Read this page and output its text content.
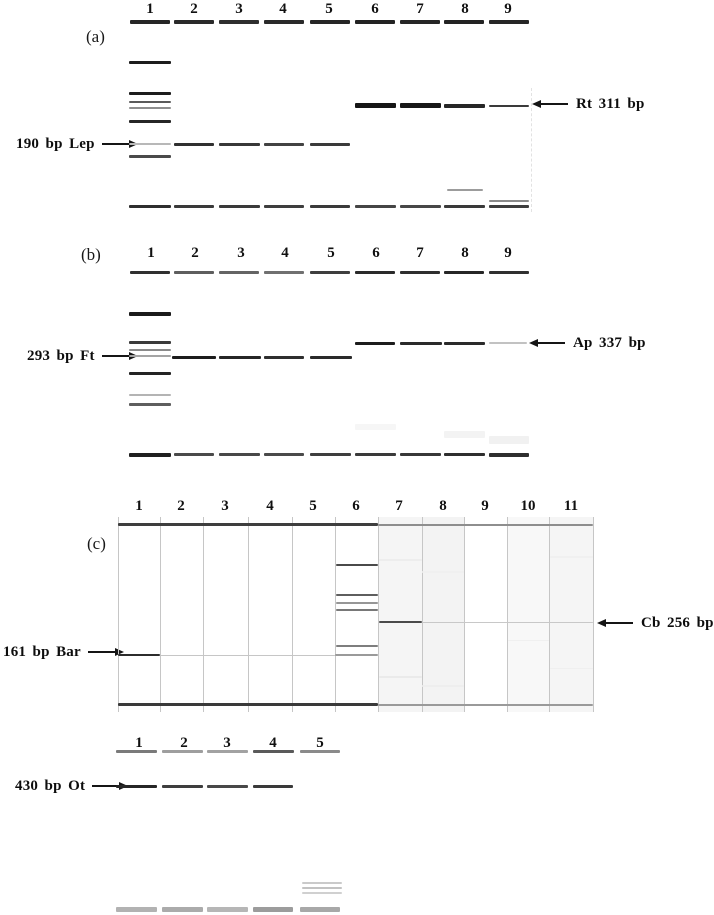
(a)
(b)
(c)
190 bp Lep
Rt 311 bp
293 bp Ft
Ap 337 bp
161 bp Bar
Cb 256 bp
430 bp Ot
1 2	3 4	5	6	7	8 9
1 2	3 4	5	6 7	8 9
1 2 3	4 5 6 7 8 9 10 11
1	2 3	4	5
